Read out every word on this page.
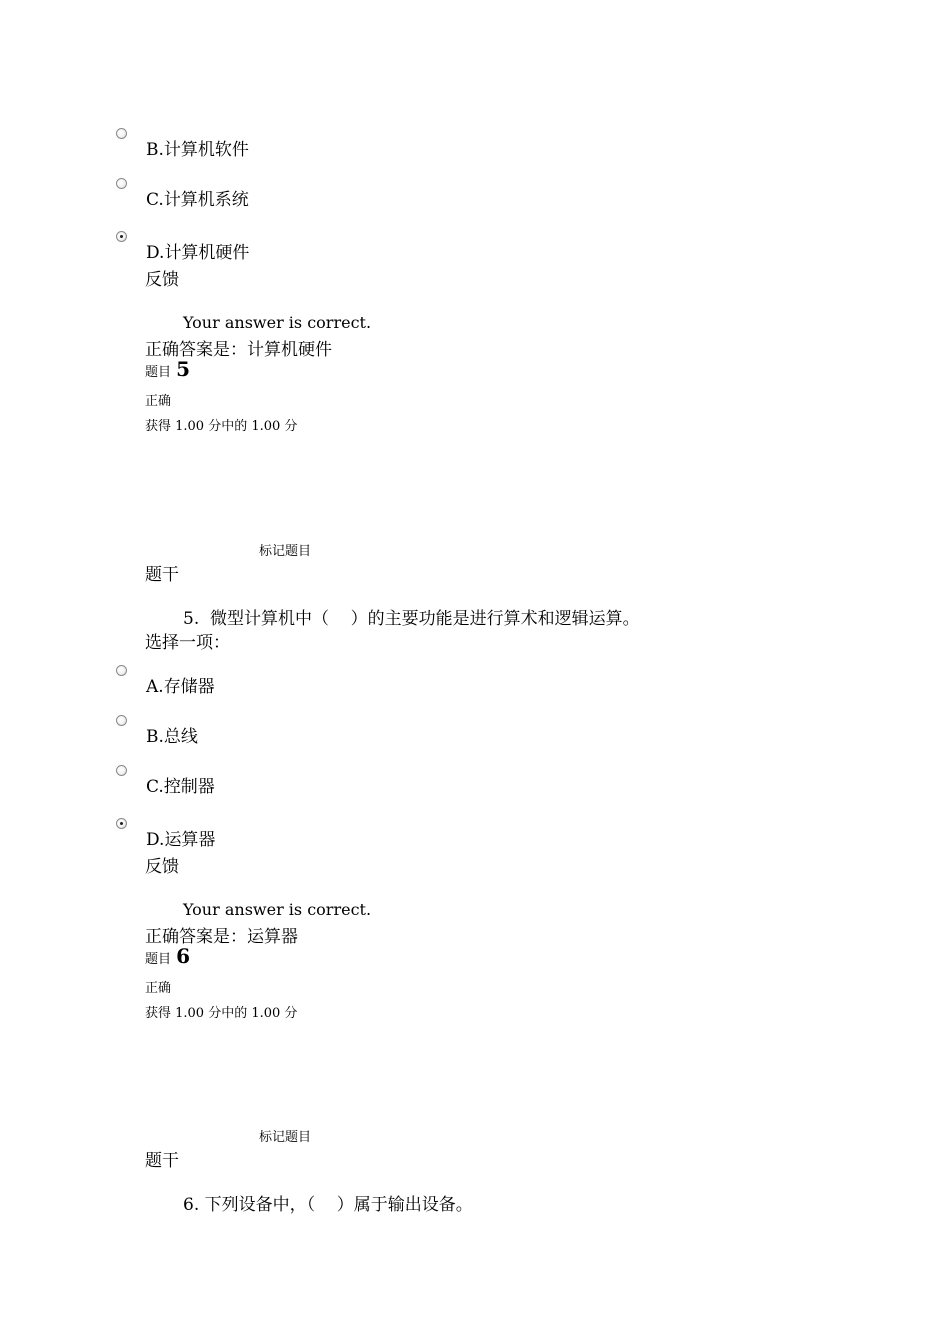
B.计算机软件
C.计算机系统
D.计算机硬件
反馈
Your answer is correct.
正确答案是：计算机硬件
题目 5
正确
获得 1.00 分中的 1.00 分
标记题目
题干
5.  微型计算机中（    ）的主要功能是进行算术和逻辑运算。
选择一项：
A.存储器
B.总线
C.控制器
D.运算器
反馈
Your answer is correct.
正确答案是：运算器
题目 6
正确
获得 1.00 分中的 1.00 分
标记题目
题干
6. 下列设备中，（    ）属于输出设备。
